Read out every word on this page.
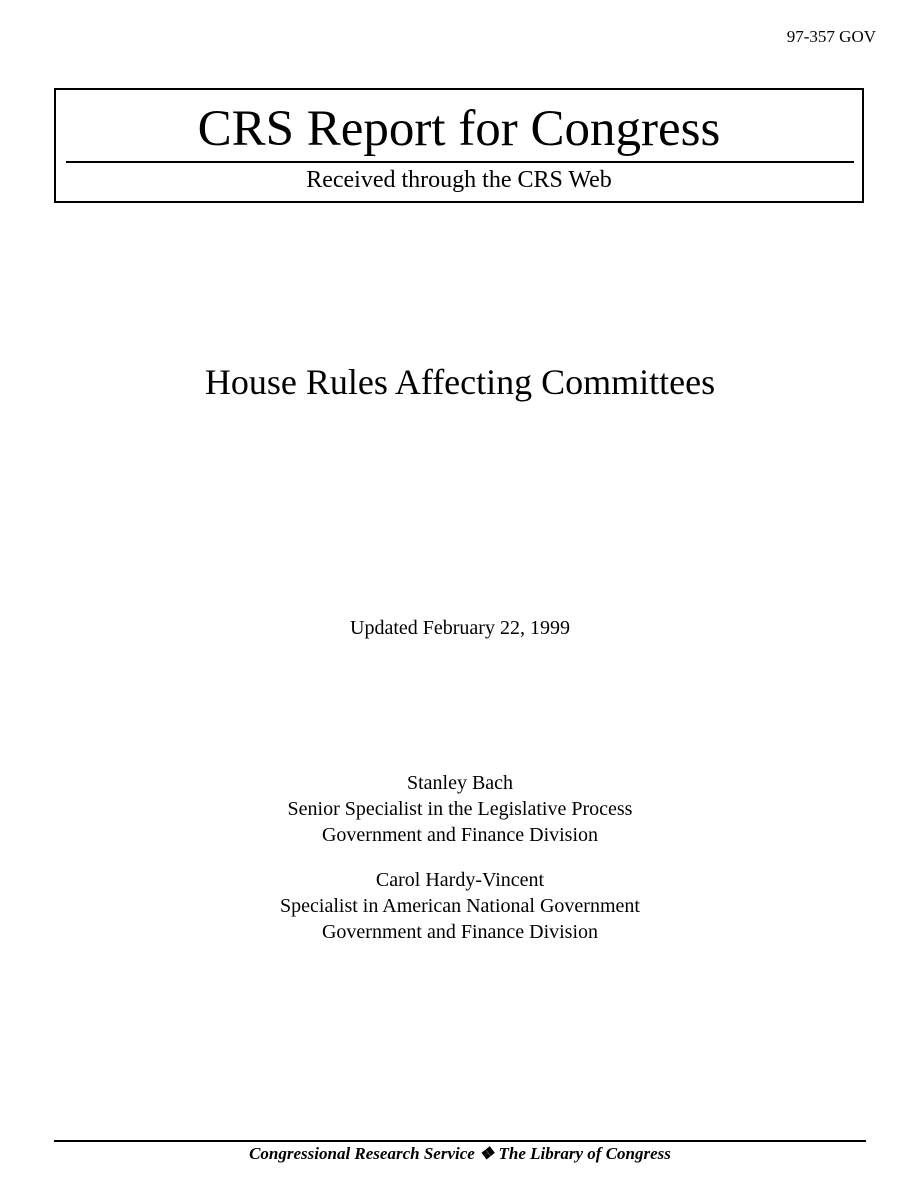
97-357 GOV
CRS Report for Congress
Received through the CRS Web
House Rules Affecting Committees
Updated February 22, 1999
Stanley Bach
Senior Specialist in the Legislative Process
Government and Finance Division
Carol Hardy-Vincent
Specialist in American National Government
Government and Finance Division
Congressional Research Service ❖ The Library of Congress
